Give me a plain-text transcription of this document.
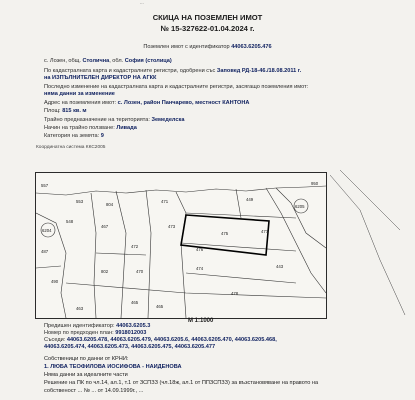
...
СКИЦА НА ПОЗЕМЛЕН ИМОТ
№ 15-327622-01.04.2024 г.
Поземлен имот с идентификатор 44063.6205.476
с. Лозен, общ. Столична, обл. София (столица)
По кадастралната карта и кадастралните регистри, одобрени със Заповед РД-18-46./18.08.2011 г.
на ИЗПЪЛНИТЕЛЕН ДИРЕКТОР НА АГКК
Последно изменение на кадастралната карта и кадастралните регистри, засягащо поземления имот:
няма данни за изменение
Адрес на поземления имот: с. Лозен, район Панчарево, местност КАНТОНА
Площ: 815 кв. м
Трайно предназначение на територията: Земеделска
Начин на трайно ползване: Ливада
Категория на земята: 9
Координатна система ККС2005
557
553
548
804
471	449
950
475
473
474
478
472
463
465
465
6204
6205
470
487
467
490
443
802
477
476
М 1:1000
Предишен идентификатор: 44063.6205.3
Номер по предходен план: 9918012003
Съседи: 44063.6205.478, 44063.6205.479, 44063.6205.6, 44063.6205.470, 44063.6205.468,
44063.6205.474, 44063.6205.473, 44063.6205.475, 44063.6205.477
Собственици по данни от КРНИ:
1. ЛЮБА ТЕОФИЛОВА ЙОСИФОВА - НАЙДЕНОВА
Няма данни за идеалните части
Решение на ПК по чл.14, ал.1, т.1 от ЗСПЗЗ (чл.18ж, ал.1 от ППЗСПЗЗ) за възстановяване на правото на
собственост ... № ... от 14.09.1999г., ...
